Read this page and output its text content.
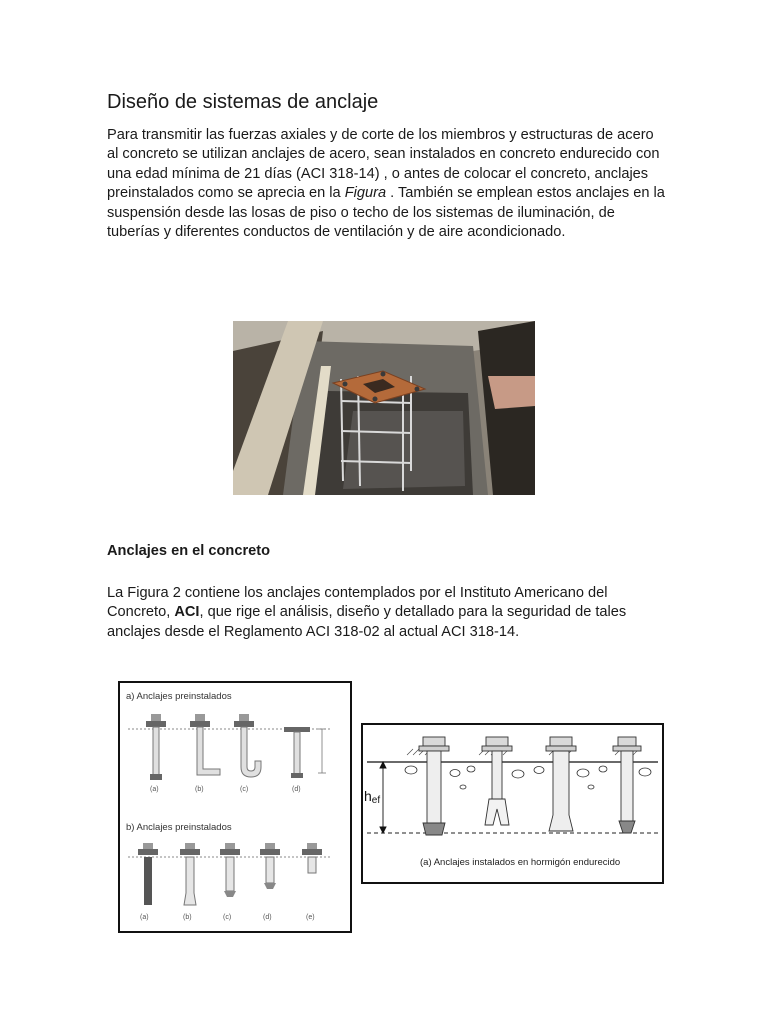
Diseño de sistemas de anclaje

Para transmitir las fuerzas axiales y de corte de los miembros y estructuras de acero al concreto se utilizan anclajes de acero, sean instalados en concreto endurecido con una edad mínima de 21 días (ACI 318-14) , o antes de colocar el concreto, anclajes preinstalados como se aprecia en la Figura . También se emplean estos anclajes en la suspensión desde las losas de piso o techo de los sistemas de iluminación, de tuberías y diferentes conductos de ventilación y de aire acondicionado.

Anclajes en el concreto

La Figura 2 contiene los anclajes contemplados por el Instituto Americano del Concreto, ACI, que rige el análisis, diseño y detallado para la seguridad de tales anclajes desde el Reglamento ACI 318-02 al actual ACI 318-14.

a) Anclajes preinstalados
(a)	(b)	(c)	(d)
b) Anclajes preinstalados
(a)	(b)	(c)	(d)	(e)
hef
(a) Anclajes instalados en hormigón endurecido
